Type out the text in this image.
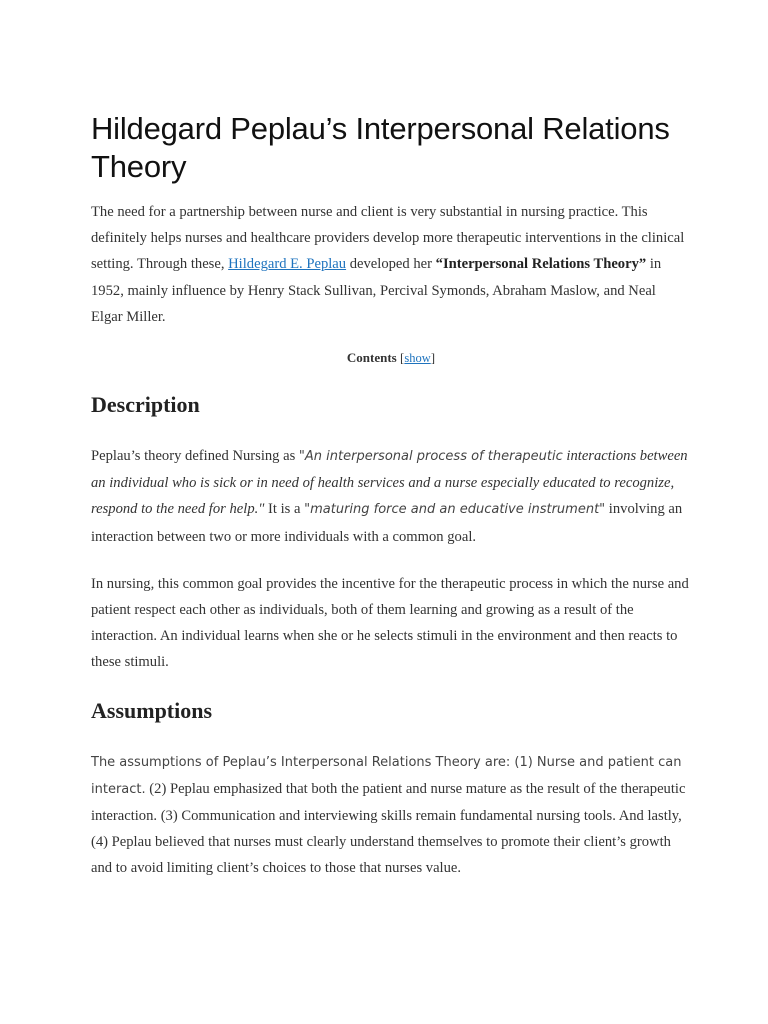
Hildegard Peplau’s Interpersonal Relations Theory

The need for a partnership between nurse and client is very substantial in nursing practice. This definitely helps nurses and healthcare providers develop more therapeutic interventions in the clinical setting. Through these, Hildegard E. Peplau developed her “Interpersonal Relations Theory” in 1952, mainly influence by Henry Stack Sullivan, Percival Symonds, Abraham Maslow, and Neal Elgar Miller.

Contents [show]
Description

Peplau’s theory defined Nursing as "An interpersonal process of therapeutic interactions between an individual who is sick or in need of health services and a nurse especially educated to recognize, respond to the need for help." It is a "maturing force and an educative instrument" involving an interaction between two or more individuals with a common goal.

In nursing, this common goal provides the incentive for the therapeutic process in which the nurse and patient respect each other as individuals, both of them learning and growing as a result of the interaction. An individual learns when she or he selects stimuli in the environment and then reacts to these stimuli.

Assumptions

The assumptions of Peplau’s Interpersonal Relations Theory are: (1) Nurse and patient can interact. (2) Peplau emphasized that both the patient and nurse mature as the result of the therapeutic interaction. (3) Communication and interviewing skills remain fundamental nursing tools. And lastly, (4) Peplau believed that nurses must clearly understand themselves to promote their client’s growth and to avoid limiting client’s choices to those that nurses value.
